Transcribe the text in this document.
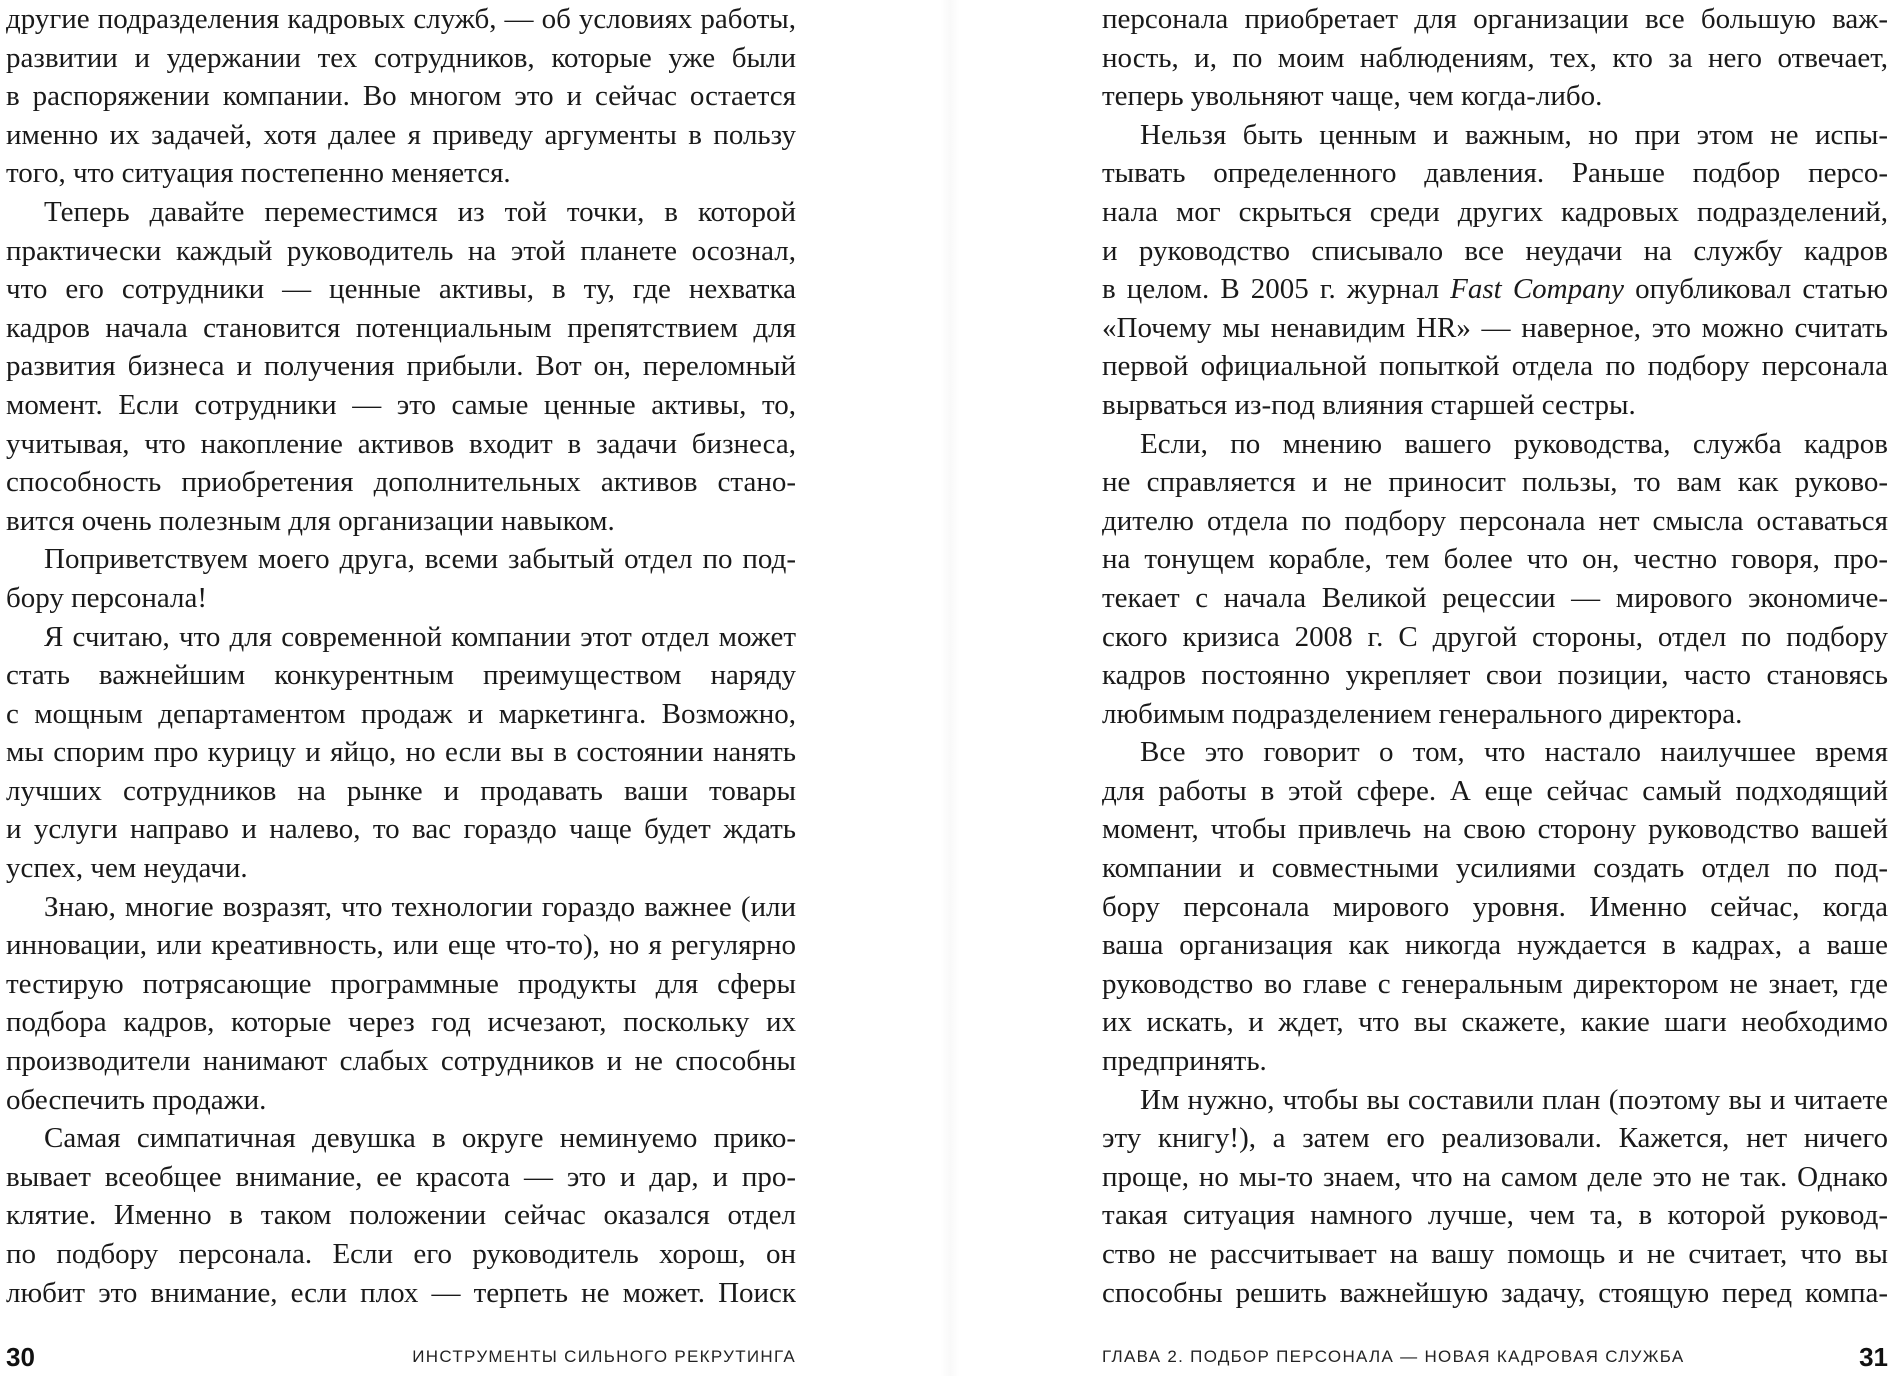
другие подразделения кадровых служб, — об условиях работы,
развитии и удержании тех сотрудников, которые уже были
в распоряжении компании. Во многом это и сейчас остается
именно их задачей, хотя далее я приведу аргументы в пользу
того, что ситуация постепенно меняется.
Теперь давайте переместимся из той точки, в которой
практически каждый руководитель на этой планете осознал,
что его сотрудники — ценные активы, в ту, где нехватка
кадров начала становится потенциальным препятствием для
развития бизнеса и получения прибыли. Вот он, переломный
момент. Если сотрудники — это самые ценные активы, то,
учитывая, что накопление активов входит в задачи бизнеса,
способность приобретения дополнительных активов стано-
вится очень полезным для организации навыком.
Поприветствуем моего друга, всеми забытый отдел по под-
бору персонала!
Я считаю, что для современной компании этот отдел может
стать важнейшим конкурентным преимуществом наряду
с мощным департаментом продаж и маркетинга. Возможно,
мы спорим про курицу и яйцо, но если вы в состоянии нанять
лучших сотрудников на рынке и продавать ваши товары
и услуги направо и налево, то вас гораздо чаще будет ждать
успех, чем неудачи.
Знаю, многие возразят, что технологии гораздо важнее (или
инновации, или креативность, или еще что-то), но я регулярно
тестирую потрясающие программные продукты для сферы
подбора кадров, которые через год исчезают, поскольку их
производители нанимают слабых сотрудников и не способны
обеспечить продажи.
Самая симпатичная девушка в округе неминуемо прико-
вывает всеобщее внимание, ее красота — это и дар, и про-
клятие. Именно в таком положении сейчас оказался отдел
по подбору персонала. Если его руководитель хорош, он
любит это внимание, если плох — терпеть не может. Поиск
30	ИНСТРУМЕНТЫ СИЛЬНОГО РЕКРУТИНГА
персонала приобретает для организации все большую важ-
ность, и, по моим наблюдениям, тех, кто за него отвечает,
теперь увольняют чаще, чем когда-либо.
Нельзя быть ценным и важным, но при этом не испы-
тывать определенного давления. Раньше подбор персо-
нала мог скрыться среди других кадровых подразделений,
и руководство списывало все неудачи на службу кадров
в целом. В 2005 г. журнал Fast Company опубликовал статью
«Почему мы ненавидим HR» — наверное, это можно считать
первой официальной попыткой отдела по подбору персонала
вырваться из-под влияния старшей сестры.
Если, по мнению вашего руководства, служба кадров
не справляется и не приносит пользы, то вам как руково-
дителю отдела по подбору персонала нет смысла оставаться
на тонущем корабле, тем более что он, честно говоря, про-
текает с начала Великой рецессии — мирового экономиче-
ского кризиса 2008 г. С другой стороны, отдел по подбору
кадров постоянно укрепляет свои позиции, часто становясь
любимым подразделением генерального директора.
Все это говорит о том, что настало наилучшее время
для работы в этой сфере. А еще сейчас самый подходящий
момент, чтобы привлечь на свою сторону руководство вашей
компании и совместными усилиями создать отдел по под-
бору персонала мирового уровня. Именно сейчас, когда
ваша организация как никогда нуждается в кадрах, а ваше
руководство во главе с генеральным директором не знает, где
их искать, и ждет, что вы скажете, какие шаги необходимо
предпринять.
Им нужно, чтобы вы составили план (поэтому вы и читаете
эту книгу!), а затем его реализовали. Кажется, нет ничего
проще, но мы-то знаем, что на самом деле это не так. Однако
такая ситуация намного лучше, чем та, в которой руковод-
ство не рассчитывает на вашу помощь и не считает, что вы
способны решить важнейшую задачу, стоящую перед компа-
31
ГЛАВА 2. ПОДБОР ПЕРСОНАЛА — НОВАЯ КАДРОВАЯ СЛУЖБА
